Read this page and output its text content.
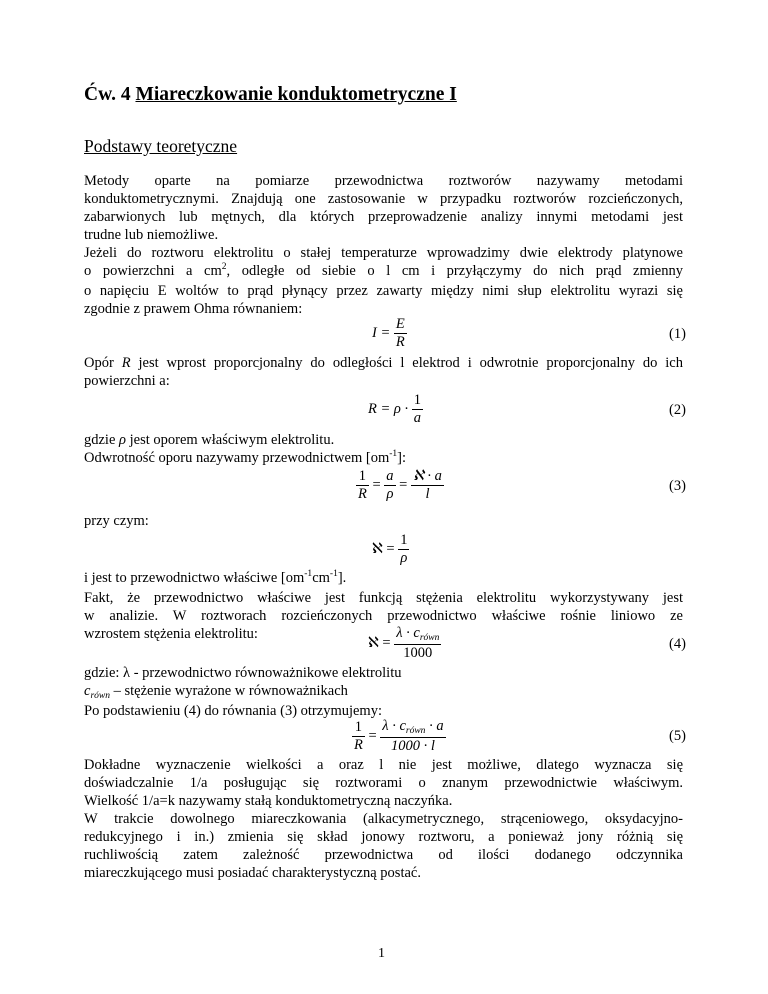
Ćw. 4 Miareczkowanie konduktometryczne I
Podstawy teoretyczne
Metody oparte na pomiarze przewodnictwa roztworów nazywamy metodami
konduktometrycznymi. Znajdują one zastosowanie w przypadku roztworów rozcieńczonych,
zabarwionych lub mętnych, dla których przeprowadzenie analizy innymi metodami jest
trudne lub niemożliwe.
Jeżeli do roztworu elektrolitu o stałej temperaturze wprowadzimy dwie elektrody platynowe
o powierzchni a $cm^2$, odległe od siebie o l cm i przyłączymy do nich prąd zmienny
o napięciu E woltów to prąd płynący przez zawarty między nimi słup elektrolitu wyrazi się
zgodnie z prawem Ohma równaniem:
$I = \frac{E}{R}$	(1)
Opór R jest wprost proporcjonalny do odległości l elektrod i odwrotnie proporcjonalny do ich
powierzchni a:
$R = \rho \cdot \frac{1}{a}$	(2)
gdzie ρ jest oporem właściwym elektrolitu.
Odwrotność oporu nazywamy przewodnictwem $[om^{-1}]$:
$\frac{1}{R} = \frac{a}{\rho} = \frac{\text{ℵ · a}}{l}$	(3)
przy czym:
ℵ = $\frac{1}{\rho}$
i jest to przewodnictwo właściwe $[om^{-1}cm^{-1}]$.
Fakt, że przewodnictwo właściwe jest funkcją stężenia elektrolitu wykorzystywany jest
w analizie. W roztworach rozcieńczonych przewodnictwo właściwe rośnie liniowo ze
wzrostem stężenia elektrolitu:
ℵ = $\frac{\lambda \cdot c_{równ}}{1000}$	(4)
gdzie: λ - przewodnictwo równoważnikowe elektrolitu
$c_{równ}$ – stężenie wyrażone w równoważnikach
Po podstawieniu (4) do równania (3) otrzymujemy:
$\frac{1}{R} = \frac{\lambda \cdot c_{równ} \cdot a}{1000 \cdot l}$	(5)
Dokładne wyznaczenie wielkości a oraz l nie jest możliwe, dlatego wyznacza się
doświadczalnie 1/a posługując się roztworami o znanym przewodnictwie właściwym.
Wielkość 1/a=k nazywamy stałą konduktometryczną naczyńka.
W trakcie dowolnego miareczkowania (alkacymetrycznego, strąceniowego, oksydacyjno-
redukcyjnego i in.) zmienia się skład jonowy roztworu, a ponieważ jony różnią się
ruchliwością zatem zależność przewodnictwa od ilości dodanego odczynnika
miareczkującego musi posiadać charakterystyczną postać.
1
